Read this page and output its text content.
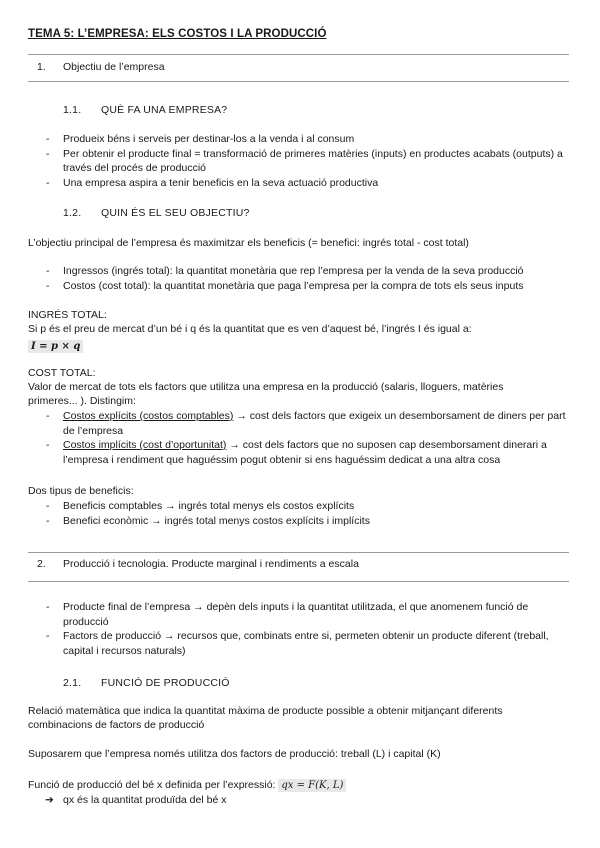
TEMA 5: L’EMPRESA: ELS COSTOS I LA PRODUCCIÓ
1. Objectiu de l’empresa
1.1. QUÈ FA UNA EMPRESA?
- Produeix béns i serveis per destinar-los a la venda i al consum
- Per obtenir el producte final = transformació de primeres matèries (inputs) en productes acabats (outputs) a través del procés de producció
- Una empresa aspira a tenir beneficis en la seva actuació productiva
1.2. QUIN ÉS EL SEU OBJECTIU?
L’objectiu principal de l’empresa és maximitzar els beneficis (= benefici: ingrés total - cost total)
- Ingressos (ingrés total): la quantitat monetària que rep l’empresa per la venda de la seva producció
- Costos (cost total): la quantitat monetària que paga l’empresa per la compra de tots els seus inputs
INGRÉS TOTAL:
Si p és el preu de mercat d’un bé i q és la quantitat que es ven d’aquest bé, l’ingrés I és igual a:
I = p × q
COST TOTAL:
Valor de mercat de tots els factors que utilitza una empresa en la producció (salaris, lloguers, matèries primeres... ). Distingim:
- Costos explícits (costos comptables) → cost dels factors que exigeix un desemborsament de diners per part de l’empresa
- Costos implícits (cost d’oportunitat) → cost dels factors que no suposen cap desemborsament dinerari a l’empresa i rendiment que haguéssim pogut obtenir si ens haguéssim dedicat a una altra cosa
Dos tipus de beneficis:
- Beneficis comptables → ingrés total menys els costos explícits
- Benefici econòmic → ingrés total menys costos explícits i implícits
2. Producció i tecnologia. Producte marginal i rendiments a escala
- Producte final de l’empresa → depèn dels inputs i la quantitat utilitzada, el que anomenem funció de producció
- Factors de producció → recursos que, combinats entre si, permeten obtenir un producte diferent (treball, capital i recursos naturals)
2.1. FUNCIÓ DE PRODUCCIÓ
Relació matemàtica que indica la quantitat màxima de producte possible a obtenir mitjançant diferents combinacions de factors de producció
Suposarem que l’empresa només utilitza dos factors de producció: treball (L) i capital (K)
Funció de producció del bé x definida per l’expressió: qx = F(K, L)
➔ qx és la quantitat produïda del bé x
